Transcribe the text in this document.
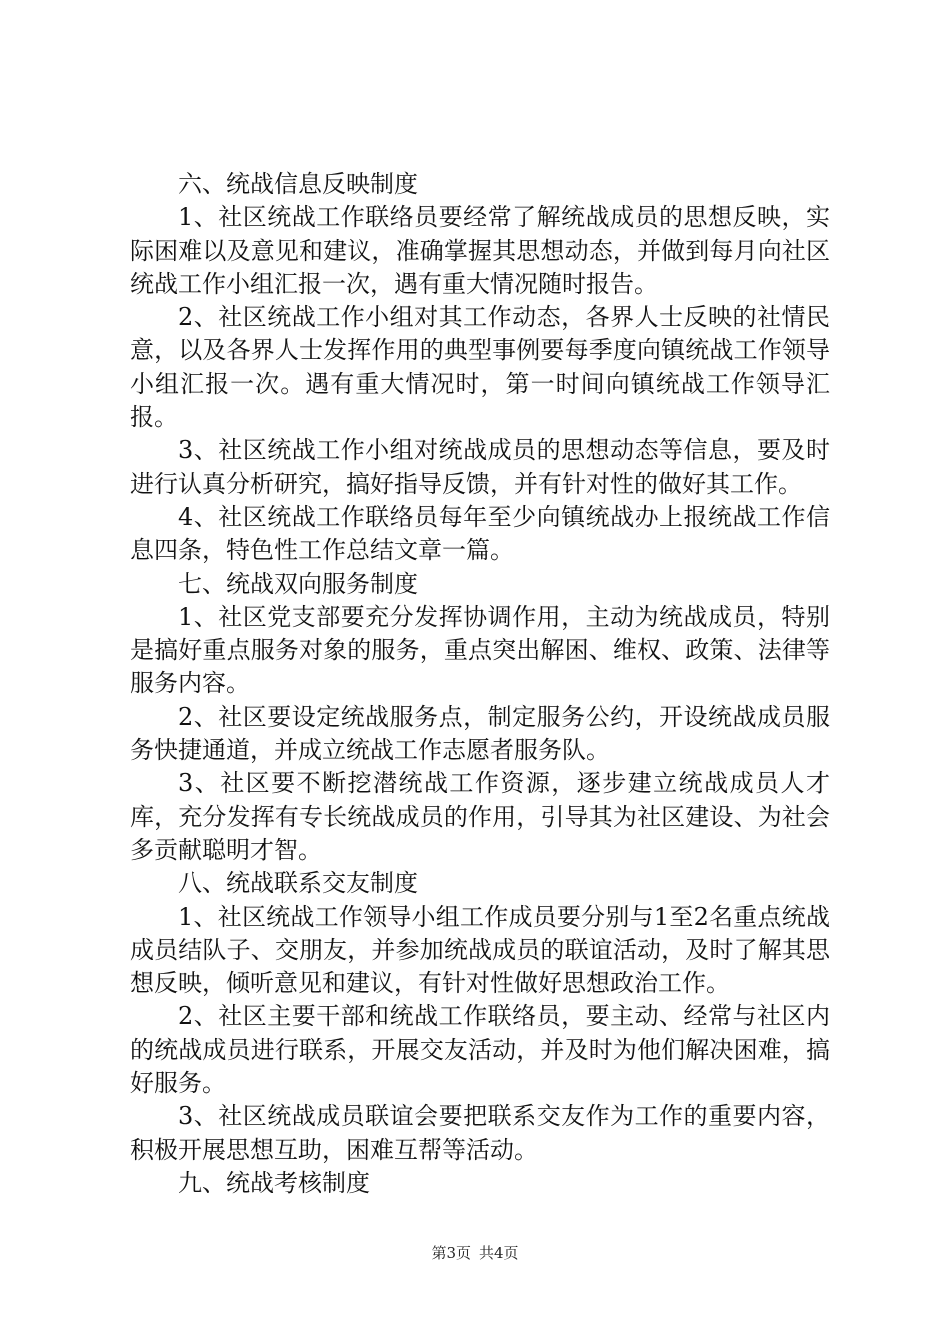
六、统战信息反映制度

1、社区统战工作联络员要经常了解统战成员的思想反映，实际困难以及意见和建议，准确掌握其思想动态，并做到每月向社区统战工作小组汇报一次，遇有重大情况随时报告。

2、社区统战工作小组对其工作动态，各界人士反映的社情民意，以及各界人士发挥作用的典型事例要每季度向镇统战工作领导小组汇报一次。遇有重大情况时，第一时间向镇统战工作领导汇报。

3、社区统战工作小组对统战成员的思想动态等信息，要及时进行认真分析研究，搞好指导反馈，并有针对性的做好其工作。

4、社区统战工作联络员每年至少向镇统战办上报统战工作信息四条，特色性工作总结文章一篇。

七、统战双向服务制度

1、社区党支部要充分发挥协调作用，主动为统战成员，特别是搞好重点服务对象的服务，重点突出解困、维权、政策、法律等服务内容。

2、社区要设定统战服务点，制定服务公约，开设统战成员服务快捷通道，并成立统战工作志愿者服务队。

3、社区要不断挖潜统战工作资源，逐步建立统战成员人才库，充分发挥有专长统战成员的作用，引导其为社区建设、为社会多贡献聪明才智。

八、统战联系交友制度

1、社区统战工作领导小组工作成员要分别与1至2名重点统战成员结队子、交朋友，并参加统战成员的联谊活动，及时了解其思想反映，倾听意见和建议，有针对性做好思想政治工作。

2、社区主要干部和统战工作联络员，要主动、经常与社区内的统战成员进行联系，开展交友活动，并及时为他们解决困难，搞好服务。

3、社区统战成员联谊会要把联系交友作为工作的重要内容，积极开展思想互助，困难互帮等活动。

九、统战考核制度

第3页 共4页
